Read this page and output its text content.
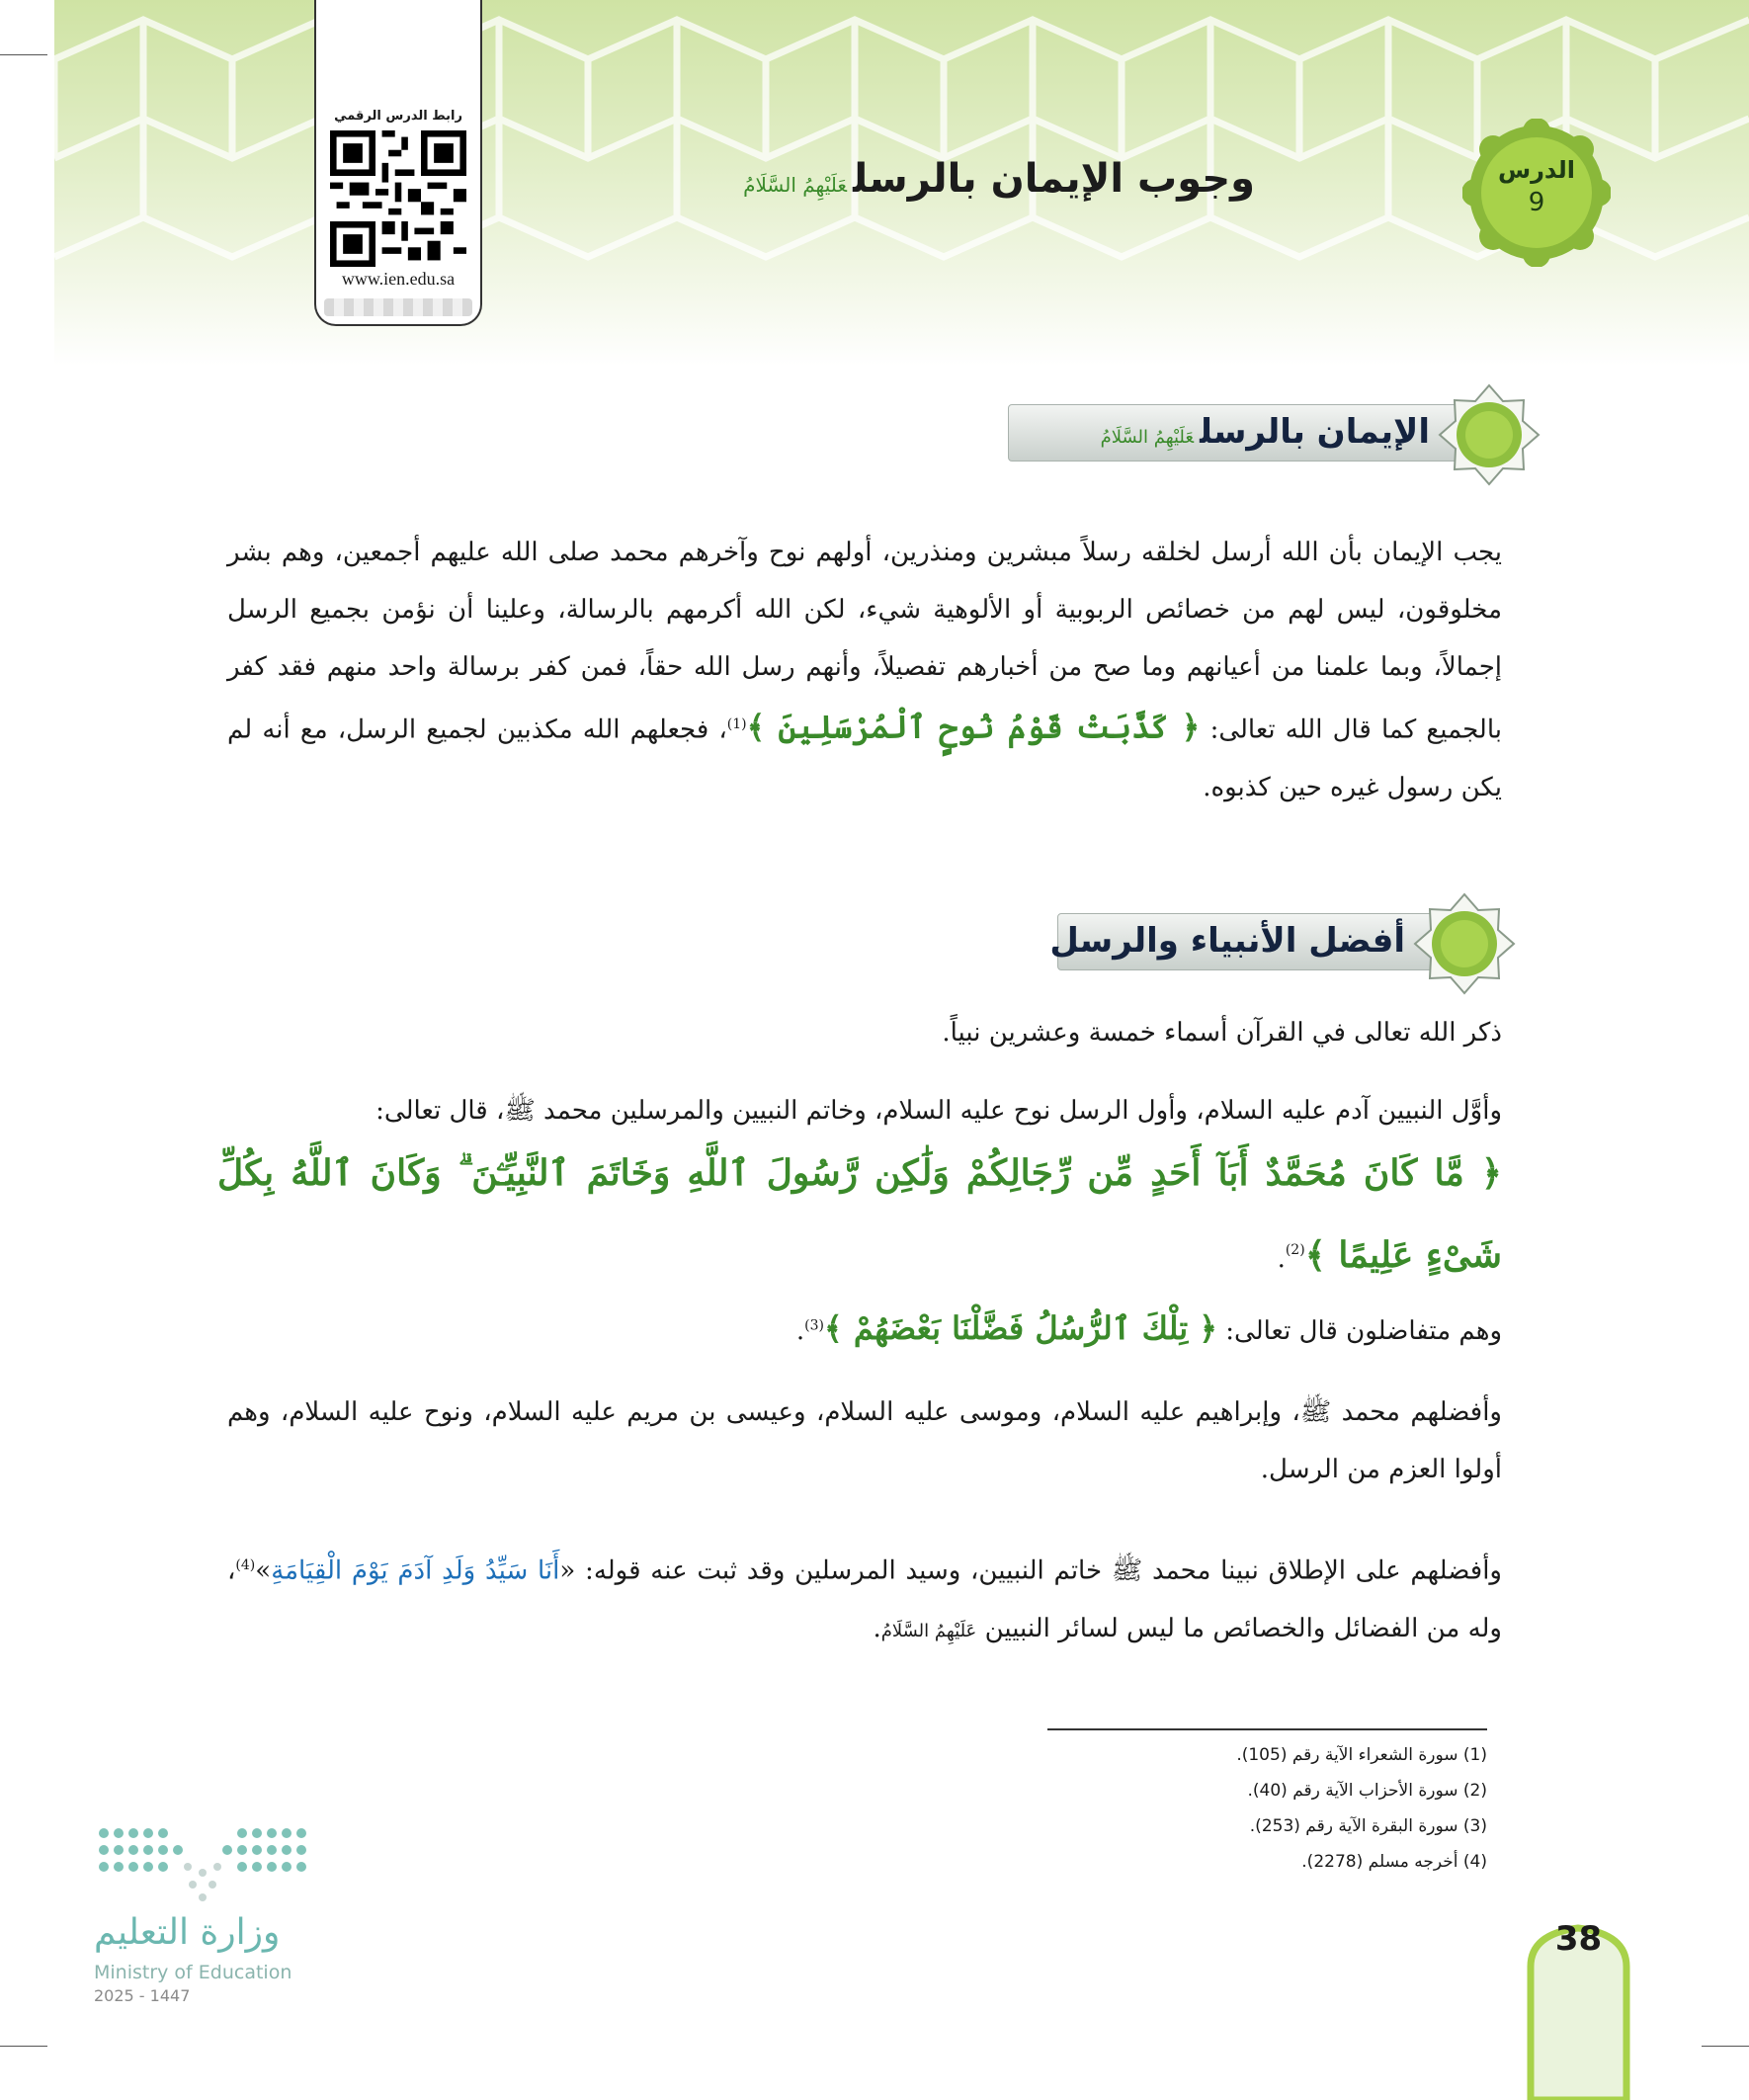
رابط الدرس الرقمي
www.ien.edu.sa
وجوب الإيمان بالرسلعَلَيْهِمُ السَّلَامُ
الدرس
9
الإيمان بالرسلعَلَيْهِمُ السَّلَامُ

يجب الإيمان بأن الله أرسل لخلقه رسلاً مبشرين ومنذرين، أولهم نوح وآخرهم محمد صلى الله عليهم أجمعين، وهم بشر مخلوقون، ليس لهم من خصائص الربوبية أو الألوهية شيء، لكن الله أكرمهم بالرسالة، وعلينا أن نؤمن بجميع الرسل إجمالاً، وبما علمنا من أعيانهم وما صح من أخبارهم تفصيلاً، وأنهم رسل الله حقاً، فمن كفر برسالة واحد منهم فقد كفر بالجميع كما قال الله تعالى: ﴿ كَذَّبَتْ قَوْمُ نُوحٍ ٱلْمُرْسَلِينَ ﴾$^{(1)}$، فجعلهم الله مكذبين لجميع الرسل، مع أنه لم يكن رسول غيره حين كذبوه.

أفضل الأنبياء والرسل
ذكر الله تعالى في القرآن أسماء خمسة وعشرين نبياً.
وأوَّل النبيين آدم عليه السلام، وأول الرسل نوح عليه السلام، وخاتم النبيين والمرسلين محمد ﷺ، قال تعالى:
﴿ مَّا كَانَ مُحَمَّدٌ أَبَآ أَحَدٍ مِّن رِّجَالِكُمْ وَلَٰكِن رَّسُولَ ٱللَّهِ وَخَاتَمَ ٱلنَّبِيِّـۧنَ ۗ وَكَانَ ٱللَّهُ بِكُلِّ شَىْءٍ عَلِيمًا ﴾$^{(2)}$.
وهم متفاضلون قال تعالى: ﴿ تِلْكَ ٱلرُّسُلُ فَضَّلْنَا بَعْضَهُمْ ﴾$^{(3)}$.

وأفضلهم محمد ﷺ، وإبراهيم عليه السلام، وموسى عليه السلام، وعيسى بن مريم عليه السلام، ونوح عليه السلام، وهم أولوا العزم من الرسل.

وأفضلهم على الإطلاق نبينا محمد ﷺ خاتم النبيين، وسيد المرسلين وقد ثبت عنه قوله: «أَنَا سَيِّدُ وَلَدِ آدَمَ يَوْمَ الْقِيَامَةِ»$^{(4)}$، وله من الفضائل والخصائص ما ليس لسائر النبيين عَلَيْهِمُ السَّلَامُ.

(1) سورة الشعراء الآية رقم (105).
(2) سورة الأحزاب الآية رقم (40).
(3) سورة البقرة الآية رقم (253).
(4) أخرجه مسلم (2278).
وزارة التعليم
Ministry of Education
2025 - 1447
38
